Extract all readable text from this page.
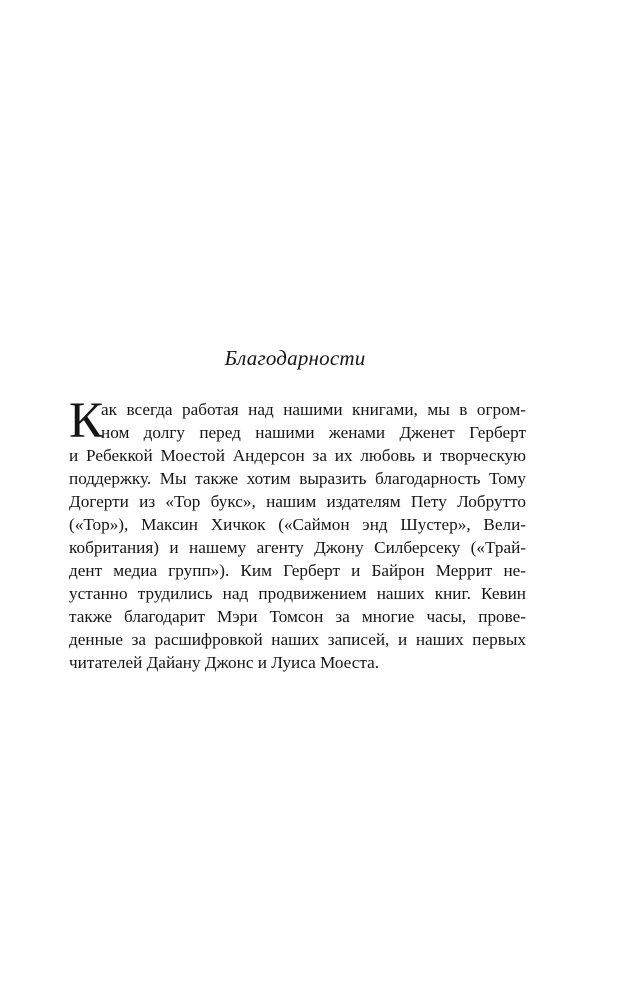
Благодарности
К
ак всегда работая над нашими книгами, мы в огром-
ном долгу перед нашими женами Дженет Герберт
и Ребеккой Моестой Андерсон за их любовь и творческую
поддержку. Мы также хотим выразить благодарность Тому
Догерти из «Тор букс», нашим издателям Пету Лобрутто
(«Тор»), Максин Хичкок («Саймон энд Шустер», Вели-
кобритания) и нашему агенту Джону Силберсеку («Трай-
дент медиа групп»). Ким Герберт и Байрон Меррит не-
устанно трудились над продвижением наших книг. Кевин
также благодарит Мэри Томсон за многие часы, прове-
денные за расшифровкой наших записей, и наших первых
читателей Дайану Джонс и Луиса Моеста.
